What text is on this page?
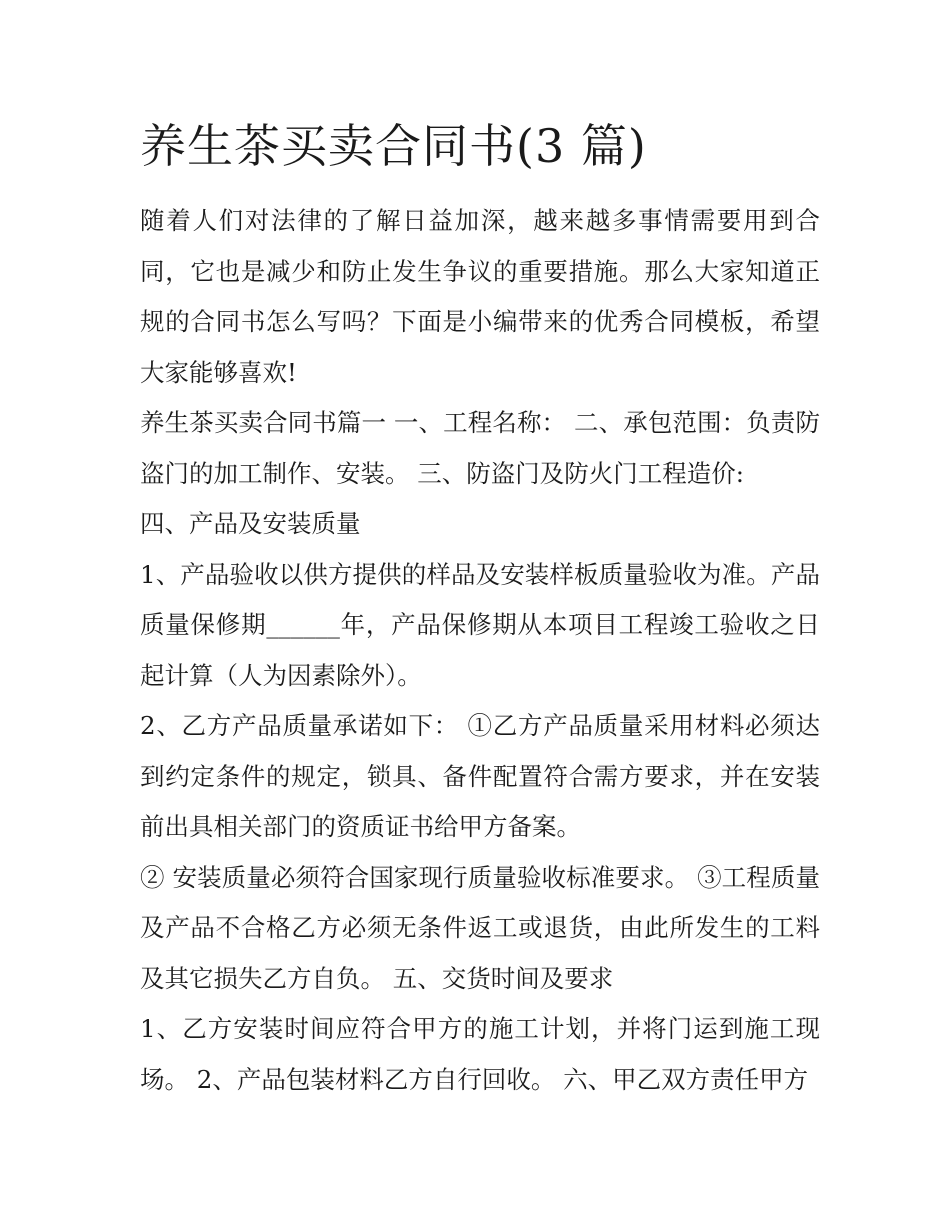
养生茶买卖合同书(3 篇)

随着人们对法律的了解日益加深，越来越多事情需要用到合同，它也是减少和防止发生争议的重要措施。那么大家知道正规的合同书怎么写吗？下面是小编带来的优秀合同模板，希望大家能够喜欢!

养生茶买卖合同书篇一 一、工程名称： 二、承包范围：负责防盗门的加工制作、安装。 三、防盗门及防火门工程造价:

四、产品及安装质量

1、产品验收以供方提供的样品及安装样板质量验收为准。产品质量保修期______年，产品保修期从本项目工程竣工验收之日起计算（人为因素除外）。

2、乙方产品质量承诺如下： ①乙方产品质量采用材料必须达到约定条件的规定，锁具、备件配置符合需方要求，并在安装前出具相关部门的资质证书给甲方备案。

② 安装质量必须符合国家现行质量验收标准要求。 ③工程质量及产品不合格乙方必须无条件返工或退货，由此所发生的工料及其它损失乙方自负。 五、交货时间及要求

1、乙方安装时间应符合甲方的施工计划，并将门运到施工现场。 2、产品包装材料乙方自行回收。 六、甲乙双方责任甲方
